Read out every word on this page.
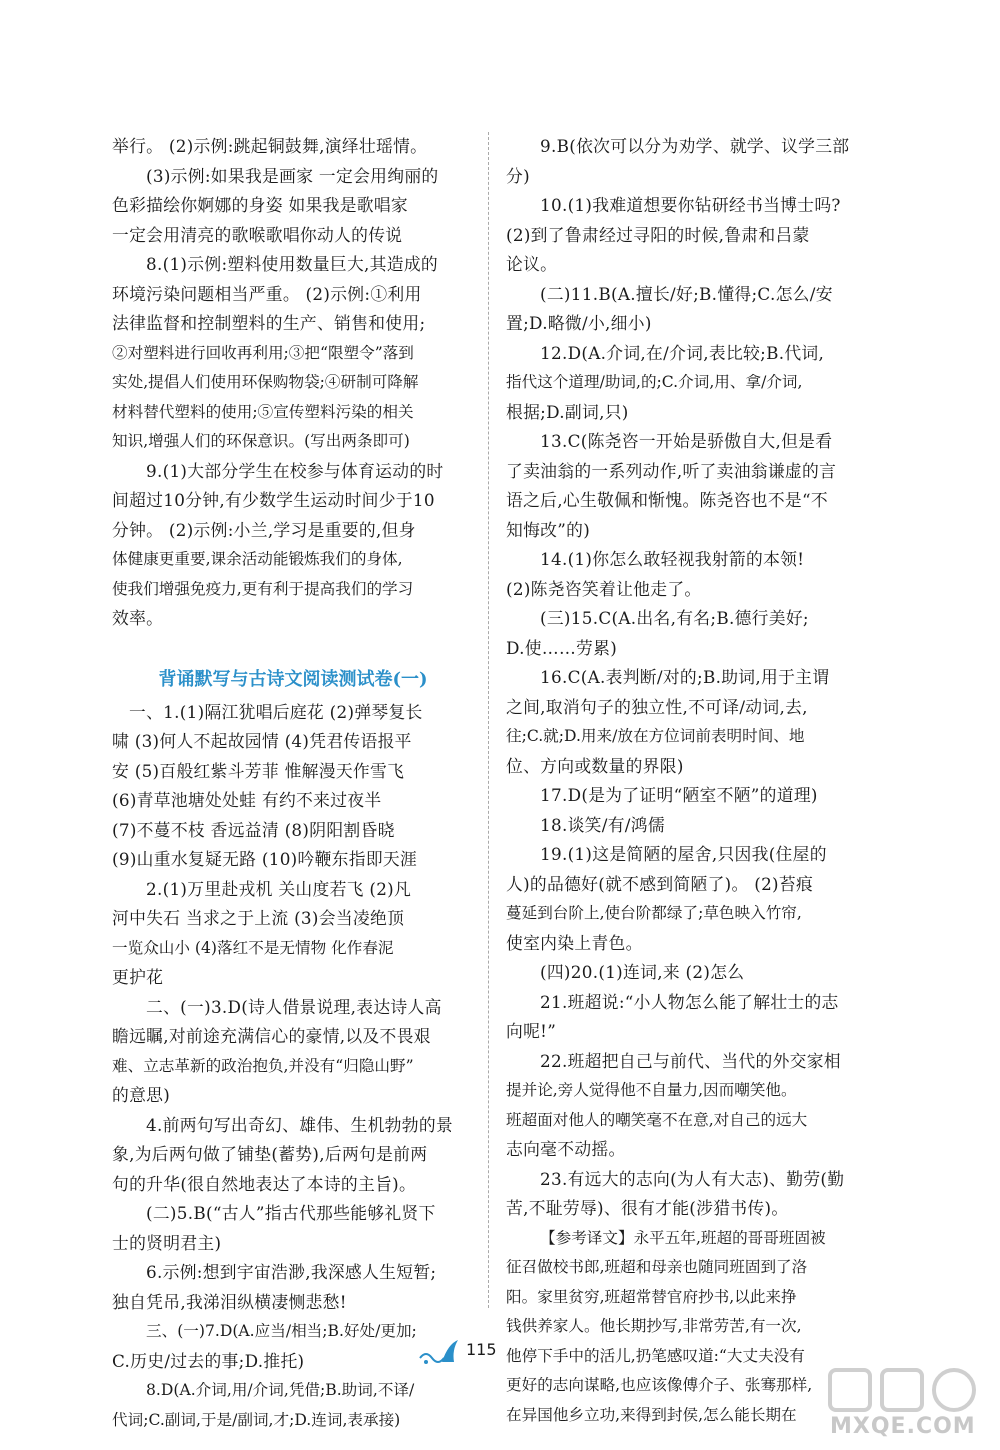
举行。 (2)示例:跳起铜鼓舞,演绎壮瑶情。
(3)示例:如果我是画家 一定会用绚丽的
色彩描绘你婀娜的身姿 如果我是歌唱家
一定会用清亮的歌喉歌唱你动人的传说
8.(1)示例:塑料使用数量巨大,其造成的
环境污染问题相当严重。 (2)示例:①利用
法律监督和控制塑料的生产、销售和使用;
②对塑料进行回收再利用;③把“限塑令”落到
实处,提倡人们使用环保购物袋;④研制可降解
材料替代塑料的使用;⑤宣传塑料污染的相关
知识,增强人们的环保意识。(写出两条即可)
9.(1)大部分学生在校参与体育运动的时
间超过10分钟,有少数学生运动时间少于10
分钟。 (2)示例:小兰,学习是重要的,但身
体健康更重要,课余活动能锻炼我们的身体,
使我们增强免疫力,更有利于提高我们的学习
效率。
背诵默写与古诗文阅读测试卷(一)
一、1.(1)隔江犹唱后庭花 (2)弹琴复长
啸 (3)何人不起故园情 (4)凭君传语报平
安 (5)百般红紫斗芳菲 惟解漫天作雪飞
(6)青草池塘处处蛙 有约不来过夜半
(7)不蔓不枝 香远益清 (8)阴阳割昏晓
(9)山重水复疑无路 (10)吟鞭东指即天涯
2.(1)万里赴戎机 关山度若飞 (2)凡
河中失石 当求之于上流 (3)会当凌绝顶
一览众山小 (4)落红不是无情物 化作春泥
更护花
二、(一)3.D(诗人借景说理,表达诗人高
瞻远瞩,对前途充满信心的豪情,以及不畏艰
难、立志革新的政治抱负,并没有“归隐山野”
的意思)
4.前两句写出奇幻、雄伟、生机勃勃的景
象,为后两句做了铺垫(蓄势),后两句是前两
句的升华(很自然地表达了本诗的主旨)。
(二)5.B(“古人”指古代那些能够礼贤下
士的贤明君主)
6.示例:想到宇宙浩渺,我深感人生短暂;
独自凭吊,我涕泪纵横凄恻悲愁!
三、(一)7.D(A.应当/相当;B.好处/更加;
C.历史/过去的事;D.推托)
8.D(A.介词,用/介词,凭借;B.助词,不译/
代词;C.副词,于是/副词,才;D.连词,表承接)
9.B(依次可以分为劝学、就学、议学三部
分)
10.(1)我难道想要你钻研经书当博士吗?
(2)到了鲁肃经过寻阳的时候,鲁肃和吕蒙
论议。
(二)11.B(A.擅长/好;B.懂得;C.怎么/安
置;D.略微/小,细小)
12.D(A.介词,在/介词,表比较;B.代词,
指代这个道理/助词,的;C.介词,用、拿/介词,
根据;D.副词,只)
13.C(陈尧咨一开始是骄傲自大,但是看
了卖油翁的一系列动作,听了卖油翁谦虚的言
语之后,心生敬佩和惭愧。陈尧咨也不是“不
知悔改”的)
14.(1)你怎么敢轻视我射箭的本领!
(2)陈尧咨笑着让他走了。
(三)15.C(A.出名,有名;B.德行美好;
D.使……劳累)
16.C(A.表判断/对的;B.助词,用于主谓
之间,取消句子的独立性,不可译/动词,去,
往;C.就;D.用来/放在方位词前表明时间、地
位、方向或数量的界限)
17.D(是为了证明“陋室不陋”的道理)
18.谈笑/有/鸿儒
19.(1)这是简陋的屋舍,只因我(住屋的
人)的品德好(就不感到简陋了)。 (2)苔痕
蔓延到台阶上,使台阶都绿了;草色映入竹帘,
使室内染上青色。
(四)20.(1)连词,来 (2)怎么
21.班超说:“小人物怎么能了解壮士的志
向呢!”
22.班超把自己与前代、当代的外交家相
提并论,旁人觉得他不自量力,因而嘲笑他。
班超面对他人的嘲笑毫不在意,对自己的远大
志向毫不动摇。
23.有远大的志向(为人有大志)、勤劳(勤
苦,不耻劳辱)、很有才能(涉猎书传)。
【参考译文】永平五年,班超的哥哥班固被
征召做校书郎,班超和母亲也随同班固到了洛
阳。家里贫穷,班超常替官府抄书,以此来挣
钱供养家人。他长期抄写,非常劳苦,有一次,
他停下手中的活儿,扔笔感叹道:“大丈夫没有
更好的志向谋略,也应该像傅介子、张骞那样,
在异国他乡立功,来得到封侯,怎么能长期在
115
MXQE.COM
